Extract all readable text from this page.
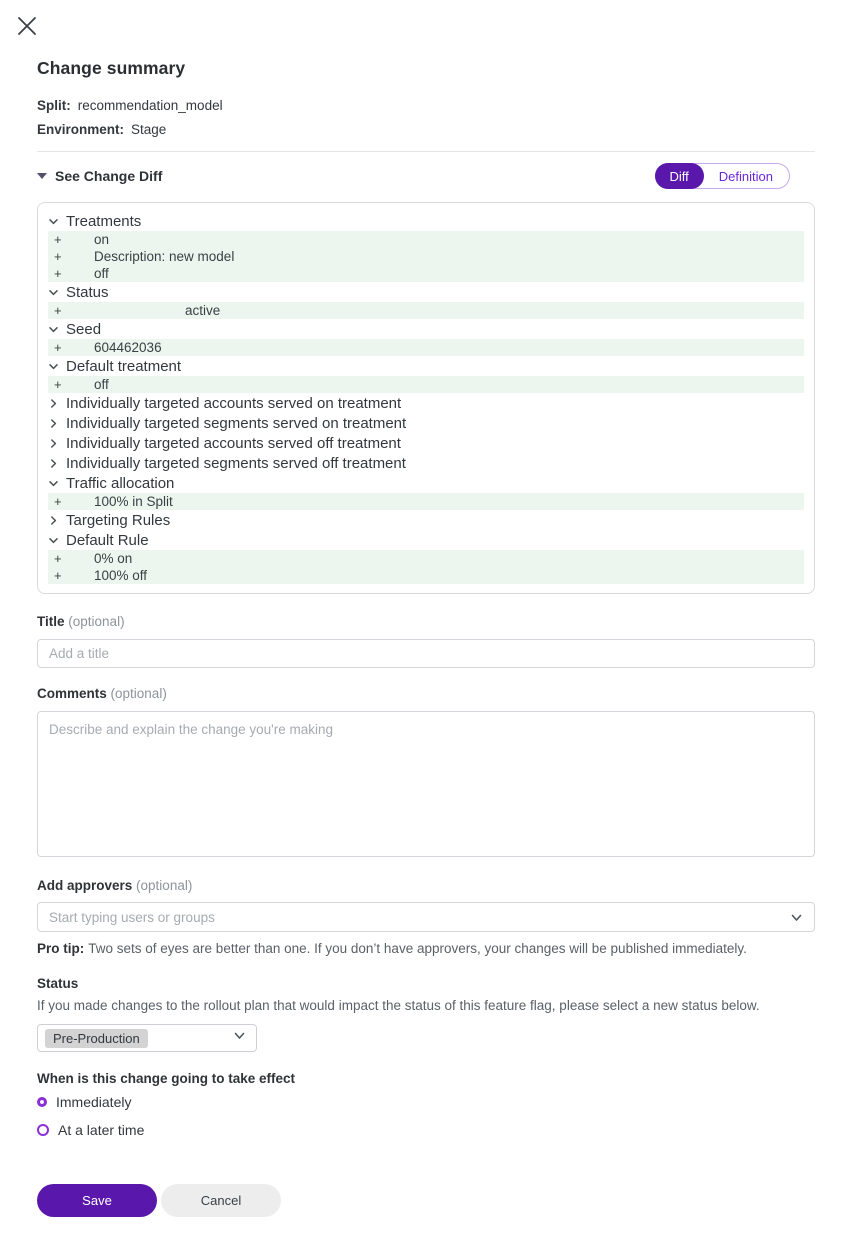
Change summary
Split: recommendation_model
Environment: Stage
See Change Diff	Diff	Definition
Treatments
+ on
+ Description: new model
+ off
Status
+	active
Seed
+ 604462036
Default treatment
+ off
Individually targeted accounts served on treatment
Individually targeted segments served on treatment
Individually targeted accounts served off treatment
Individually targeted segments served off treatment
Traffic allocation
+ 100% in Split
Targeting Rules
Default Rule
+ 0% on
+ 100% off
Title (optional)
Add a title
Comments (optional)
Describe and explain the change you're making
Add approvers (optional)
Start typing users or groups
Pro tip: Two sets of eyes are better than one. If you don’t have approvers, your changes will be published immediately.
Status
If you made changes to the rollout plan that would impact the status of this feature flag, please select a new status below.
Pre-Production
When is this change going to take effect
Immediately
At a later time
Save	Cancel
